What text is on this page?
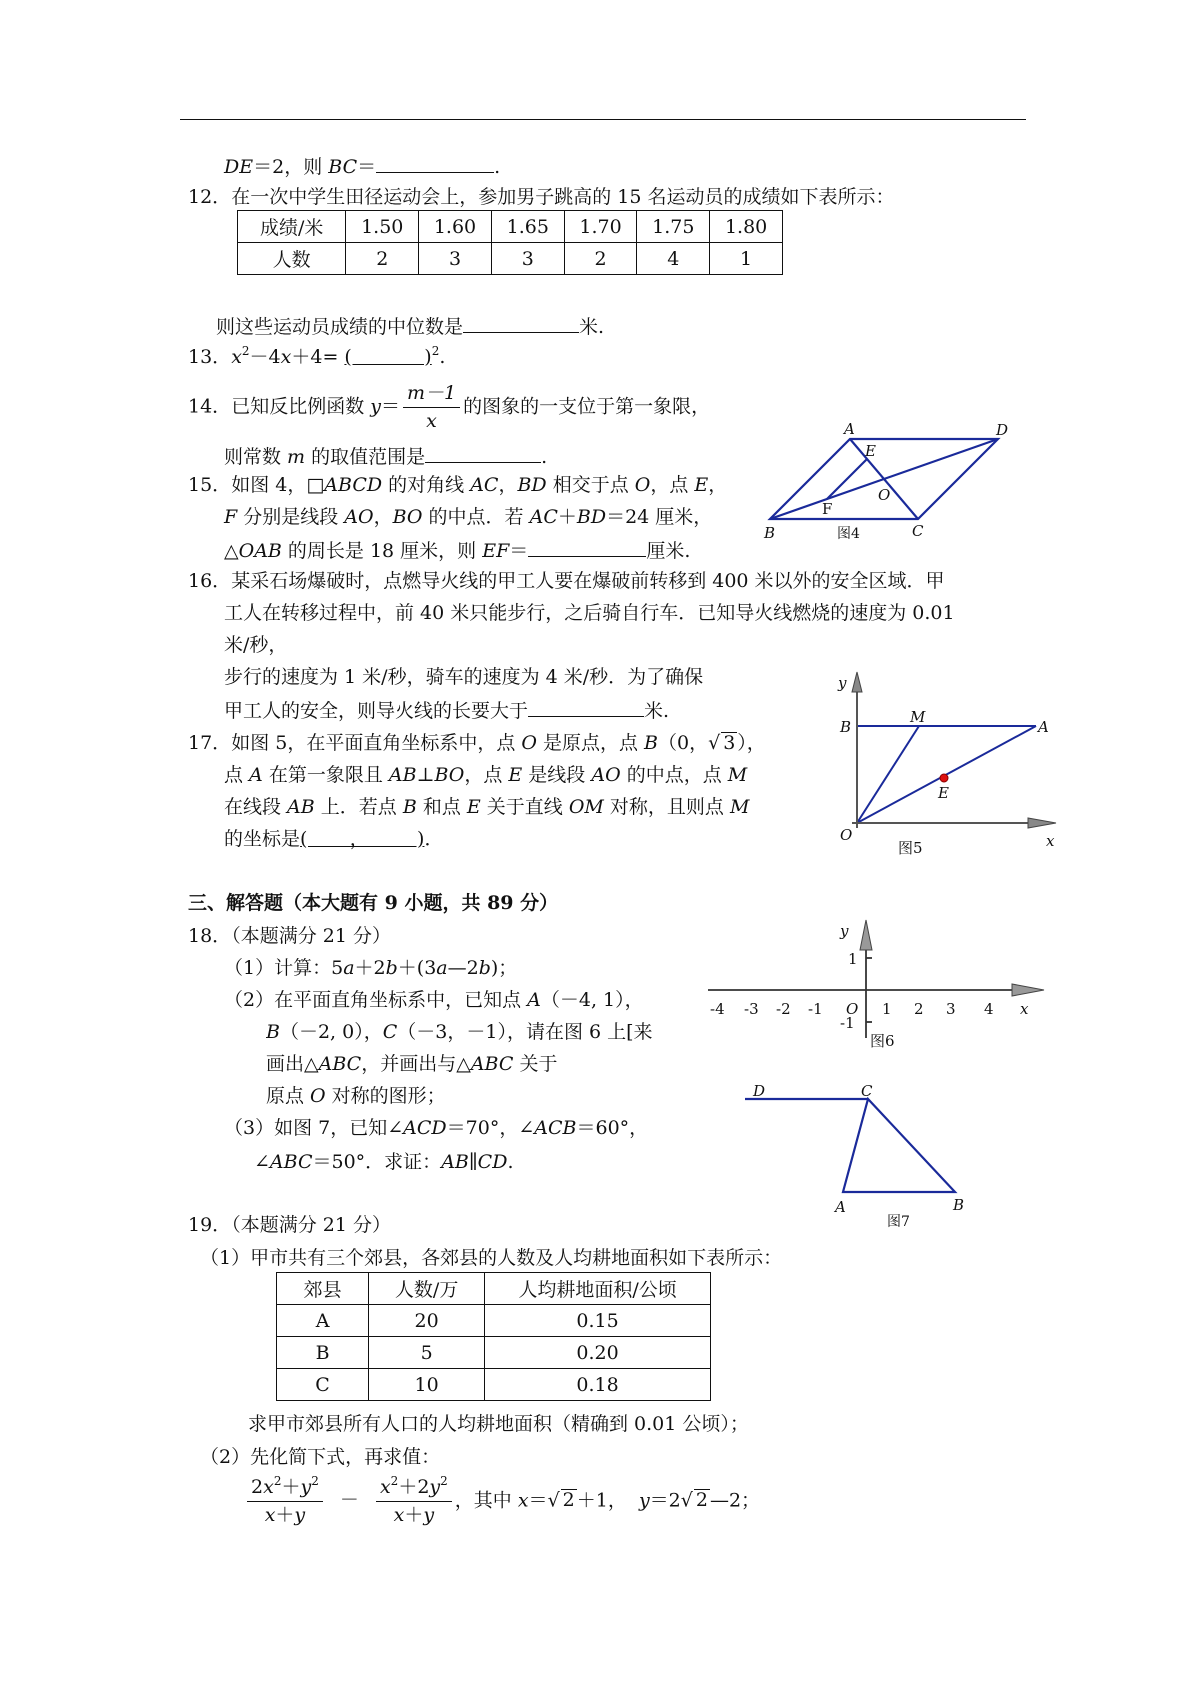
DE＝2，则 BC＝	.
12．在一次中学生田径运动会上，参加男子跳高的 15 名运动员的成绩如下表所示：
成绩/米	1.50	1.60	1.65	1.70	1.75	1.80
人数	2	3	3	2	4	1
则这些运动员成绩的中位数是	米.
13．$x^2-4x+4=$ (            )$^2$.
14．已知反比例函数 $y= \frac{m-1}{x}$ 的图象的一支位于第一象限，
则常数 m 的取值范围是	.
15．如图 4，□ABCD 的对角线 AC，BD 相交于点 O，点 E，
F 分别是线段 AO，BO 的中点．若 AC＋BD＝24 厘米，
△OAB 的周长是 18 厘米，则 EF＝	厘米.
A	D
E
O
F
B	C
图4
16．某采石场爆破时，点燃导火线的甲工人要在爆破前转移到 400 米以外的安全区域．甲
工人在转移过程中，前 40 米只能步行，之后骑自行车．已知导火线燃烧的速度为 0.01
米/秒，
步行的速度为 1 米/秒，骑车的速度为 4 米/秒．为了确保
甲工人的安全，则导火线的长要大于	米.
17．如图 5，在平面直角坐标系中，点 O 是原点，点 B（0，√ 3 ），
点 A 在第一象限且 AB⊥BO，点 E 是线段 AO 的中点，点 M
在线段 AB 上．若点 B 和点 E 关于直线 OM 对称，且则点 M
的坐标是(       ，        )．
y
B
M
A
E
O	x
图5
三、解答题（本大题有 9 小题，共 89 分）
18．（本题满分 21 分）
（1）计算：5a＋2b＋(3a—2b)；
（2）在平面直角坐标系中，已知点 A（－4, 1），
B（－2, 0），C（－3，－1），请在图 6 上[来
画出△ABC，并画出与△ABC 关于
原点 O 对称的图形；
（3）如图 7，已知∠ACD＝70°，∠ACB＝60°，
∠ABC＝50°．求证：AB∥CD.
-4 -3 -2 -1 O 1 2 3 4
1
-1
x
y
图6
D	C
A	B
图7
19．（本题满分 21 分）
（1）甲市共有三个郊县，各郊县的人数及人均耕地面积如下表所示：
郊县	人数/万	人均耕地面积/公顷
A	20	0.15
B	5	0.20
C	10	0.18
求甲市郊县所有人口的人均耕地面积（精确到 0.01 公顷）；
（2）先化简下式，再求值：
$\frac{2x^2+y^2}{x+y} - \frac{x^2+2y^2}{x+y}$ ，其中 x＝√ 2 ＋1，  y＝2√ 2 —2；
